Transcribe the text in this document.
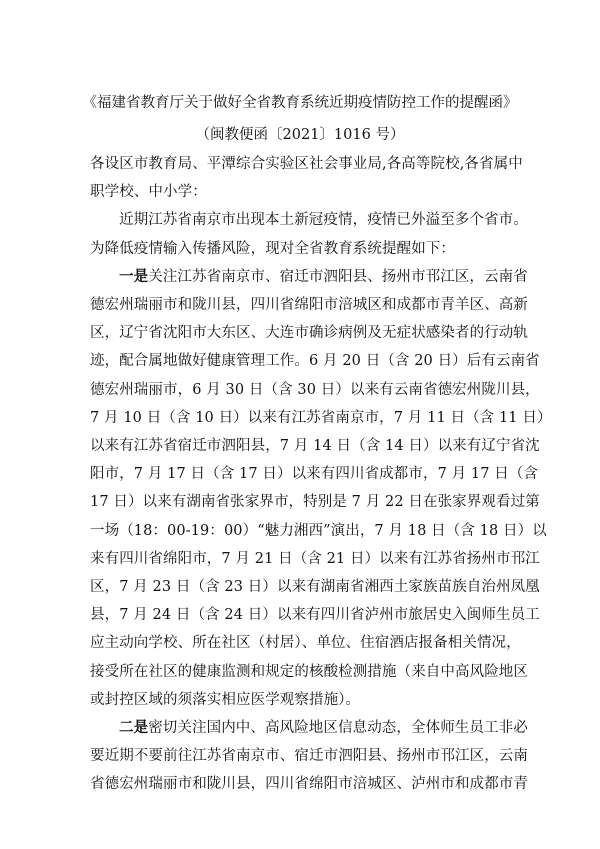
《福建省教育厅关于做好全省教育系统近期疫情防控工作的提醒函》
（闽教便函〔2021〕1016 号）
各设区市教育局、平潭综合实验区社会事业局,各高等院校,各省属中
职学校、中小学：
近期江苏省南京市出现本土新冠疫情，疫情已外溢至多个省市。
为降低疫情输入传播风险，现对全省教育系统提醒如下：
一是关注江苏省南京市、宿迁市泗阳县、扬州市邗江区，云南省
德宏州瑞丽市和陇川县，四川省绵阳市涪城区和成都市青羊区、高新
区，辽宁省沈阳市大东区、大连市确诊病例及无症状感染者的行动轨
迹，配合属地做好健康管理工作。6 月 20 日（含 20 日）后有云南省
德宏州瑞丽市，6 月 30 日（含 30 日）以来有云南省德宏州陇川县，
7 月 10 日（含 10 日）以来有江苏省南京市，7 月 11 日（含 11 日）
以来有江苏省宿迁市泗阳县，7 月 14 日（含 14 日）以来有辽宁省沈
阳市，7 月 17 日（含 17 日）以来有四川省成都市，7 月 17 日（含
17 日）以来有湖南省张家界市，特别是 7 月 22 日在张家界观看过第
一场（18：00-19：00）“魅力湘西”演出，7 月 18 日（含 18 日）以
来有四川省绵阳市，7 月 21 日（含 21 日）以来有江苏省扬州市邗江
区，7 月 23 日（含 23 日）以来有湖南省湘西土家族苗族自治州凤凰
县，7 月 24 日（含 24 日）以来有四川省泸州市旅居史入闽师生员工
应主动向学校、所在社区（村居）、单位、住宿酒店报备相关情况，
接受所在社区的健康监测和规定的核酸检测措施（来自中高风险地区
或封控区域的须落实相应医学观察措施）。
二是密切关注国内中、高风险地区信息动态，全体师生员工非必
要近期不要前往江苏省南京市、宿迁市泗阳县、扬州市邗江区，云南
省德宏州瑞丽市和陇川县，四川省绵阳市涪城区、泸州市和成都市青
